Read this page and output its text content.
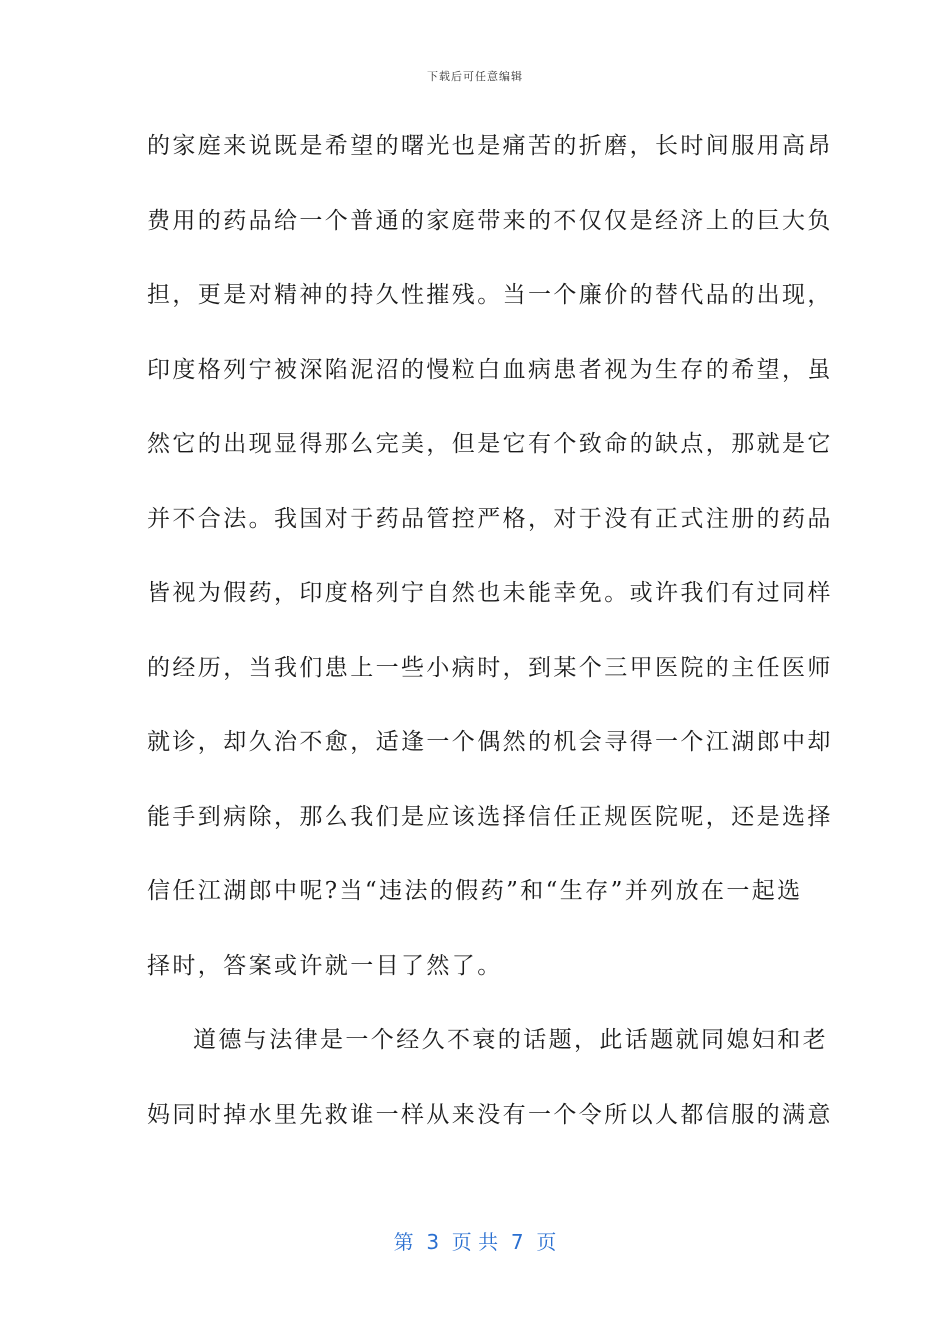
下载后可任意编辑
的家庭来说既是希望的曙光也是痛苦的折磨，长时间服用高昂
费用的药品给一个普通的家庭带来的不仅仅是经济上的巨大负
担，更是对精神的持久性摧残。当一个廉价的替代品的出现，
印度格列宁被深陷泥沼的慢粒白血病患者视为生存的希望，虽
然它的出现显得那么完美，但是它有个致命的缺点，那就是它
并不合法。我国对于药品管控严格，对于没有正式注册的药品
皆视为假药，印度格列宁自然也未能幸免。或许我们有过同样
的经历，当我们患上一些小病时，到某个三甲医院的主任医师
就诊，却久治不愈，适逢一个偶然的机会寻得一个江湖郎中却
能手到病除，那么我们是应该选择信任正规医院呢，还是选择
信任江湖郎中呢?当“违法的假药”和“生存”并列放在一起选
择时，答案或许就一目了然了。
道德与法律是一个经久不衰的话题，此话题就同媳妇和老
妈同时掉水里先救谁一样从来没有一个令所以人都信服的满意
第  3  页 共  7  页
